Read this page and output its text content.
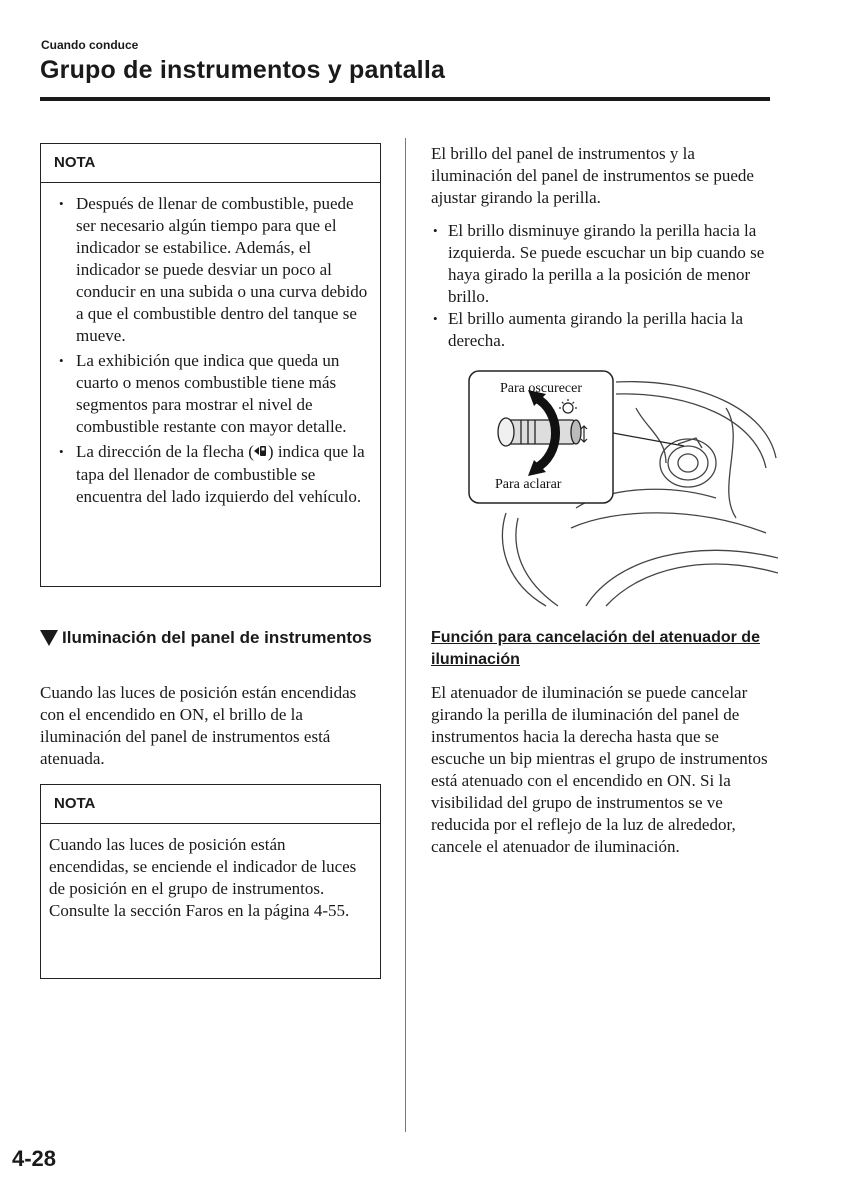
Cuando conduce

Grupo de instrumentos y pantalla
NOTA
• Después de llenar de combustible, puede ser necesario algún tiempo para que el indicador se estabilice. Además, el indicador se puede desviar un poco al conducir en una subida o una curva debido a que el combustible dentro del tanque se mueve.
• La exhibición que indica que queda un cuarto o menos combustible tiene más segmentos para mostrar el nivel de combustible restante con mayor detalle.
• La dirección de la flecha ( ) indica que la tapa del llenador de combustible se encuentra del lado izquierdo del vehículo.
Iluminación del panel de instrumentos

Cuando las luces de posición están encendidas con el encendido en ON, el brillo de la iluminación del panel de instrumentos está atenuada.

NOTA

Cuando las luces de posición están encendidas, se enciende el indicador de luces de posición en el grupo de instrumentos.

Consulte la sección Faros en la página 4-55.

El brillo del panel de instrumentos y la iluminación del panel de instrumentos se puede ajustar girando la perilla.

• El brillo disminuye girando la perilla hacia la izquierda. Se puede escuchar un bip cuando se haya girado la perilla a la posición de menor brillo.
• El brillo aumenta girando la perilla hacia la derecha.
Para oscurecer
Para aclarar
Función para cancelación del atenuador de iluminación

El atenuador de iluminación se puede cancelar girando la perilla de iluminación del panel de instrumentos hacia la derecha hasta que se escuche un bip mientras el grupo de instrumentos está atenuado con el encendido en ON. Si la visibilidad del grupo de instrumentos se ve reducida por el reflejo de la luz de alrededor, cancele el atenuador de iluminación.

4-28
